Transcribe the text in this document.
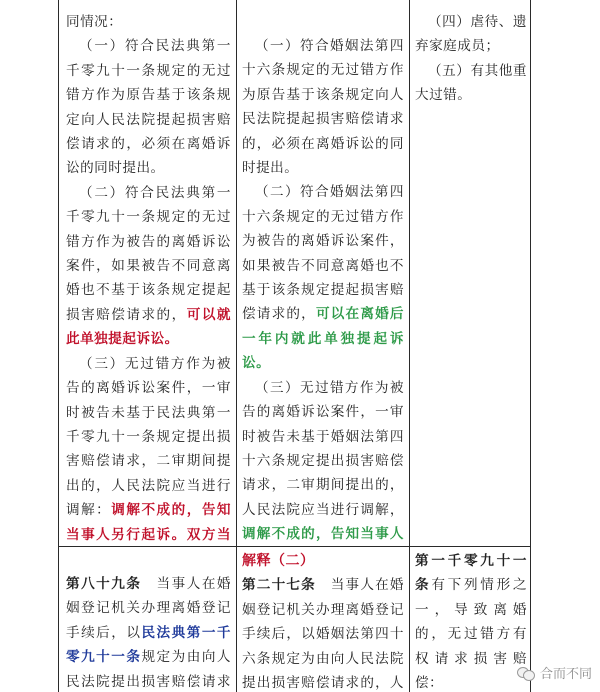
同情况：

（一）符合民法典第一千零九十一条规定的无过错方作为原告基于该条规定向人民法院提起损害赔偿请求的，必须在离婚诉讼的同时提出。

（二）符合民法典第一千零九十一条规定的无过错方作为被告的离婚诉讼案件，如果被告不同意离婚也不基于该条规定提起损害赔偿请求的，可以就此单独提起诉讼。

（三）无过错方作为被告的离婚诉讼案件，一审时被告未基于民法典第一千零九十一条规定提出损害赔偿请求，二审期间提出的，人民法院应当进行调解：调解不成的，告知当事人另行起诉。双方当

（一）符合婚姻法第四十六条规定的无过错方作为原告基于该条规定向人民法院提起损害赔偿请求的，必须在离婚诉讼的同时提出。

（二）符合婚姻法第四十六条规定的无过错方作为被告的离婚诉讼案件，如果被告不同意离婚也不基于该条规定提起损害赔偿请求的，可以在离婚后一年内就此单独提起诉讼。

（三）无过错方作为被告的离婚诉讼案件，一审时被告未基于婚姻法第四十六条规定提出损害赔偿请求，二审期间提出的，人民法院应当进行调解，调解不成的，告知当事人

（四）虐待、遗弃家庭成员；

（五）有其他重大过错。

第八十九条　 当事人在婚姻登记机关办理离婚登记手续后，以民法典第一千零九十一条规定为由向人民法院提出损害赔偿请求

解释（二）

第二十七条　 当事人在婚姻登记机关办理离婚登记手续后，以婚姻法第四十六条规定为由向人民法院提出损害赔偿请求的，人

第一千零九十一条有下列情形之一，导致离婚的，无过错方有权请求损害赔偿：

合而不同
